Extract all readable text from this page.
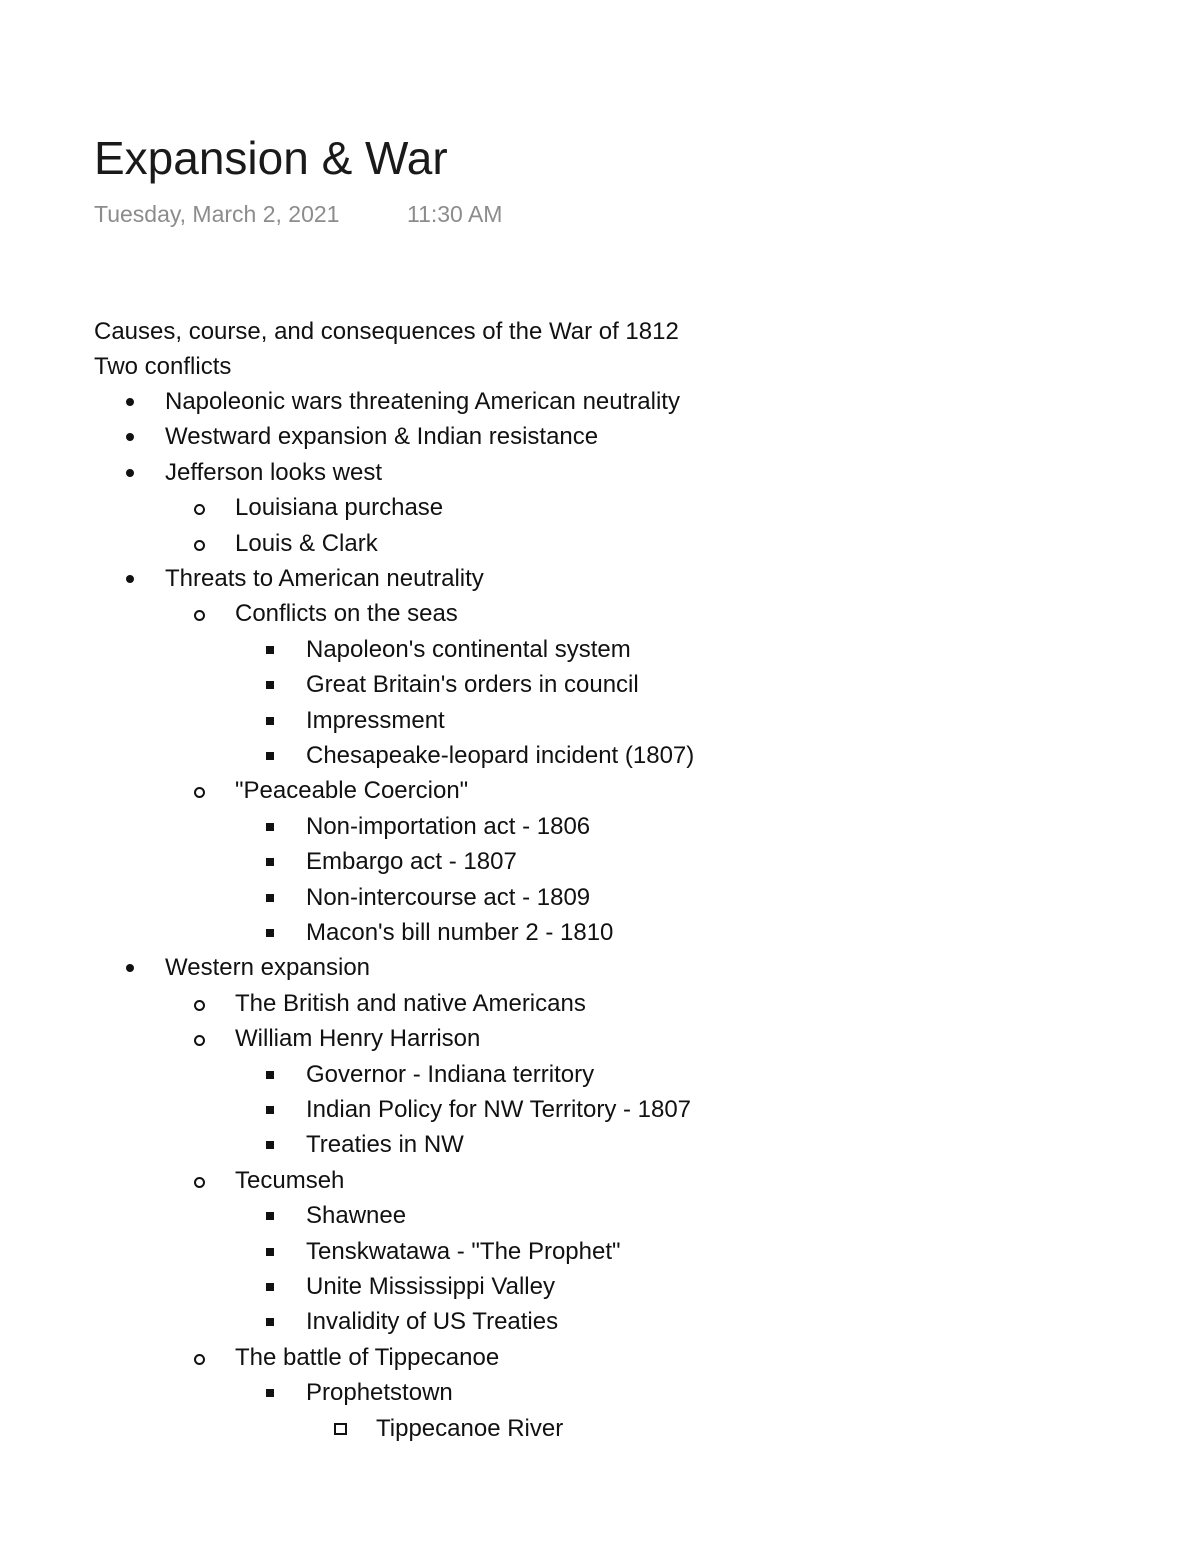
Expansion & War
Tuesday, March 2, 2021	11:30 AM
Causes, course, and consequences of the War of 1812
Two conflicts
Napoleonic wars threatening American neutrality
Westward expansion & Indian resistance
Jefferson looks west
Louisiana purchase
Louis & Clark
Threats to American neutrality
Conflicts on the seas
Napoleon's continental system
Great Britain's orders in council
Impressment
Chesapeake-leopard incident (1807)
"Peaceable Coercion"
Non-importation act - 1806
Embargo act - 1807
Non-intercourse act - 1809
Macon's bill number 2 - 1810
Western expansion
The British and native Americans
William Henry Harrison
Governor - Indiana territory
Indian Policy for NW Territory - 1807
Treaties in NW
Tecumseh
Shawnee
Tenskwatawa - "The Prophet"
Unite Mississippi Valley
Invalidity of US Treaties
The battle of Tippecanoe
Prophetstown
Tippecanoe River
